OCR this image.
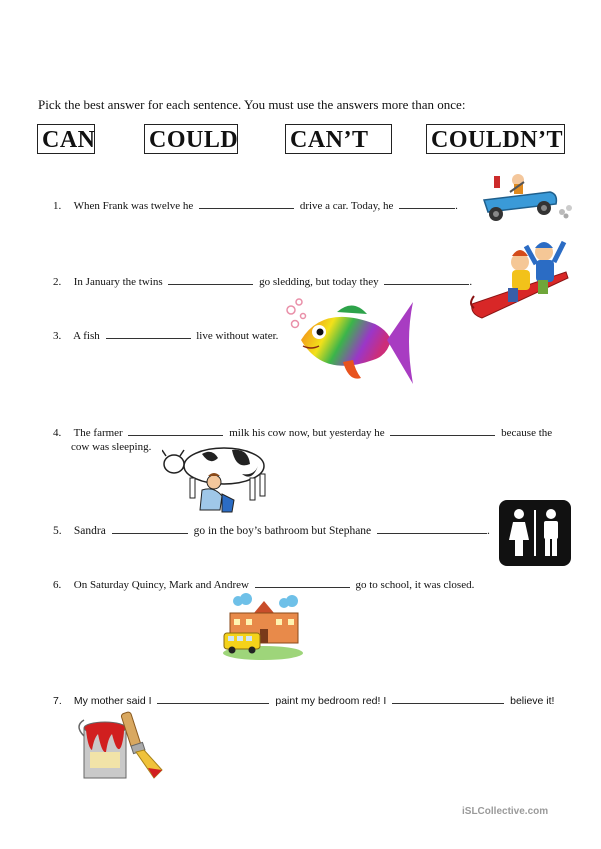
Pick the best answer for each sentence. You must use the answers more than once:
CAN COULD CAN’T	COULDN’T
1. When Frank was twelve he	drive a car. Today, he	.
2. In January the twins	go sledding, but today they	.
3. A fish	live without water.
4. The farmer	milk his cow now, but yesterday he	because the
cow was sleeping.
5. Sandra	go in the boy’s bathroom but Stephane	.
6. On Saturday Quincy, Mark and Andrew	go to school, it was closed.
7. My mother said I	paint my bedroom red! I	believe it!
iSLCollective.com
